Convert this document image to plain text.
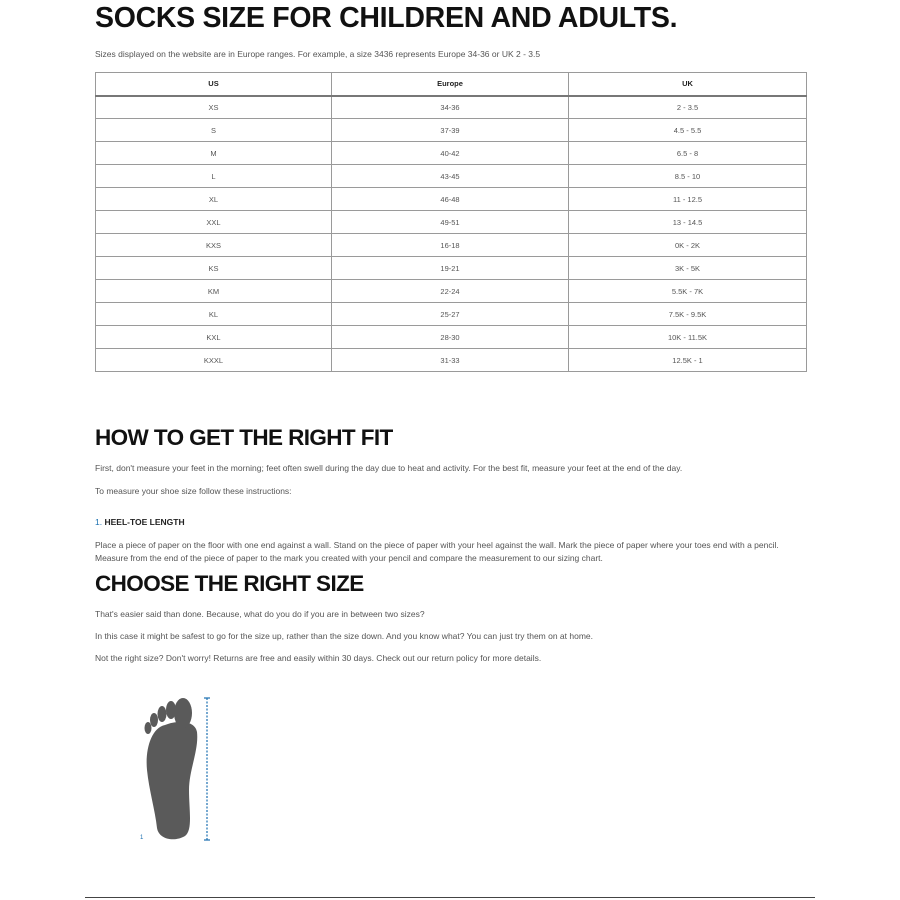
SOCKS SIZE FOR CHILDREN AND ADULTS.
Sizes displayed on the website are in Europe ranges. For example, a size 3436 represents Europe 34-36 or UK 2 - 3.5
US	Europe	UK
XS	34-36	2 - 3.5
S	37-39	4.5 - 5.5
M	40-42	6.5 - 8
L	43-45	8.5 - 10
XL	46-48	11 - 12.5
XXL	49-51	13 - 14.5
KXS	16-18	0K - 2K
KS	19-21	3K - 5K
KM	22-24	5.5K - 7K
KL	25-27	7.5K - 9.5K
KXL	28-30	10K - 11.5K
KXXL	31-33	12.5K - 1
HOW TO GET THE RIGHT FIT
First, don't measure your feet in the morning; feet often swell during the day due to heat and activity. For the best fit, measure your feet at the end of the day.
To measure your shoe size follow these instructions:
1. HEEL-TOE LENGTH
Place a piece of paper on the floor with one end against a wall. Stand on the piece of paper with your heel against the wall. Mark the piece of paper where your toes end with a pencil. Measure from the end of the piece of paper to the mark you created with your pencil and compare the measurement to our sizing chart.
CHOOSE THE RIGHT SIZE
That's easier said than done. Because, what do you do if you are in between two sizes?
In this case it might be safest to go for the size up, rather than the size down. And you know what? You can just try them on at home.
Not the right size? Don't worry! Returns are free and easily within 30 days. Check out our return policy for more details.
1
